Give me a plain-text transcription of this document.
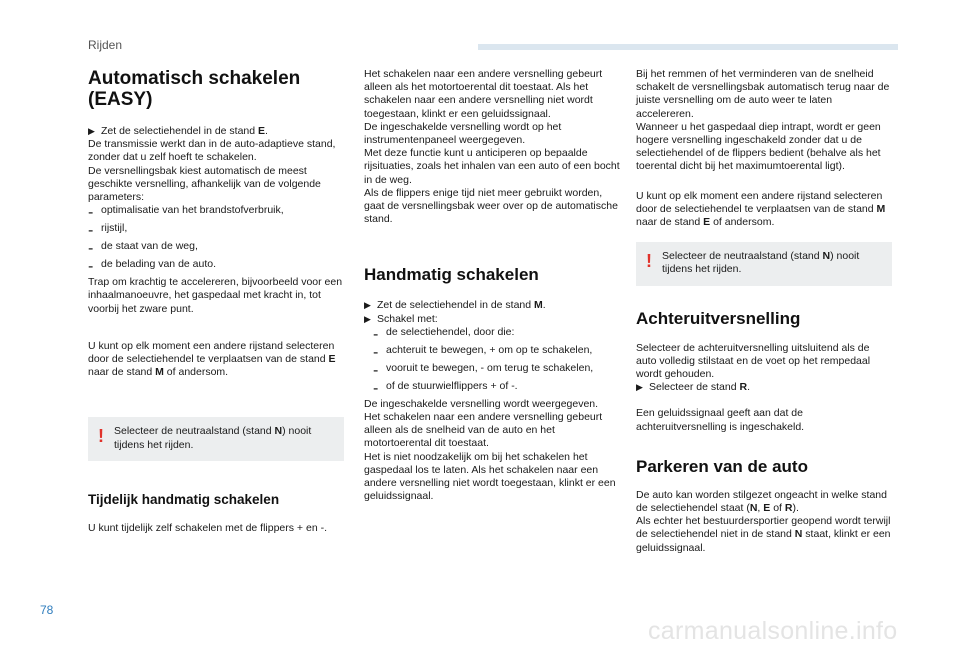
Rijden
Automatisch schakelen (EASY)
▶ Zet de selectiehendel in de stand E.

De transmissie werkt dan in de auto-adaptieve stand, zonder dat u zelf hoeft te schakelen.
De versnellingsbak kiest automatisch de meest geschikte versnelling, afhankelijk van de volgende parameters:

- optimalisatie van het brandstofverbruik,

- rijstijl,

- de staat van de weg,

- de belading van de auto.

Trap om krachtig te accelereren, bijvoorbeeld voor een inhaalmanoeuvre, het gaspedaal met kracht in, tot voorbij het zware punt.

U kunt op elk moment een andere rijstand selecteren door de selectiehendel te verplaatsen van de stand E naar de stand M of andersom.

! Selecteer de neutraalstand (stand N) nooit tijdens het rijden.

Tijdelijk handmatig schakelen

U kunt tijdelijk zelf schakelen met de flippers + en -.

Het schakelen naar een andere versnelling gebeurt alleen als het motortoerental dit toestaat. Als het schakelen naar een andere versnelling niet wordt toegestaan, klinkt er een geluidssignaal.
De ingeschakelde versnelling wordt op het instrumentenpaneel weergegeven.
Met deze functie kunt u anticiperen op bepaalde rijsituaties, zoals het inhalen van een auto of een bocht in de weg.
Als de flippers enige tijd niet meer gebruikt worden, gaat de versnellingsbak weer over op de automatische stand.

Handmatig schakelen
▶ Zet de selectiehendel in de stand M.

▶ Schakel met:

- de selectiehendel, door die:

- achteruit te bewegen, + om op te schakelen,

- vooruit te bewegen, - om terug te schakelen,

- of de stuurwielflippers + of -.

De ingeschakelde versnelling wordt weergegeven.
Het schakelen naar een andere versnelling gebeurt alleen als de snelheid van de auto en het motortoerental dit toestaat.
Het is niet noodzakelijk om bij het schakelen het gaspedaal los te laten. Als het schakelen naar een andere versnelling niet wordt toegestaan, klinkt er een geluidssignaal.

Bij het remmen of het verminderen van de snelheid schakelt de versnellingsbak automatisch terug naar de juiste versnelling om de auto weer te laten accelereren.
Wanneer u het gaspedaal diep intrapt, wordt er geen hogere versnelling ingeschakeld zonder dat u de selectiehendel of de flippers bedient (behalve als het toerental dicht bij het maximumtoerental ligt).

U kunt op elk moment een andere rijstand selecteren door de selectiehendel te verplaatsen van de stand M naar de stand E of andersom.

! Selecteer de neutraalstand (stand N) nooit tijdens het rijden.

Achteruitversnelling

Selecteer de achteruitversnelling uitsluitend als de auto volledig stilstaat en de voet op het rempedaal wordt gehouden.

▶ Selecteer de stand R.

Een geluidssignaal geeft aan dat de achteruitversnelling is ingeschakeld.

Parkeren van de auto

De auto kan worden stilgezet ongeacht in welke stand de selectiehendel staat (N, E of R).
Als echter het bestuurdersportier geopend wordt terwijl de selectiehendel niet in de stand N staat, klinkt er een geluidssignaal.

78
carmanualsonline.info
